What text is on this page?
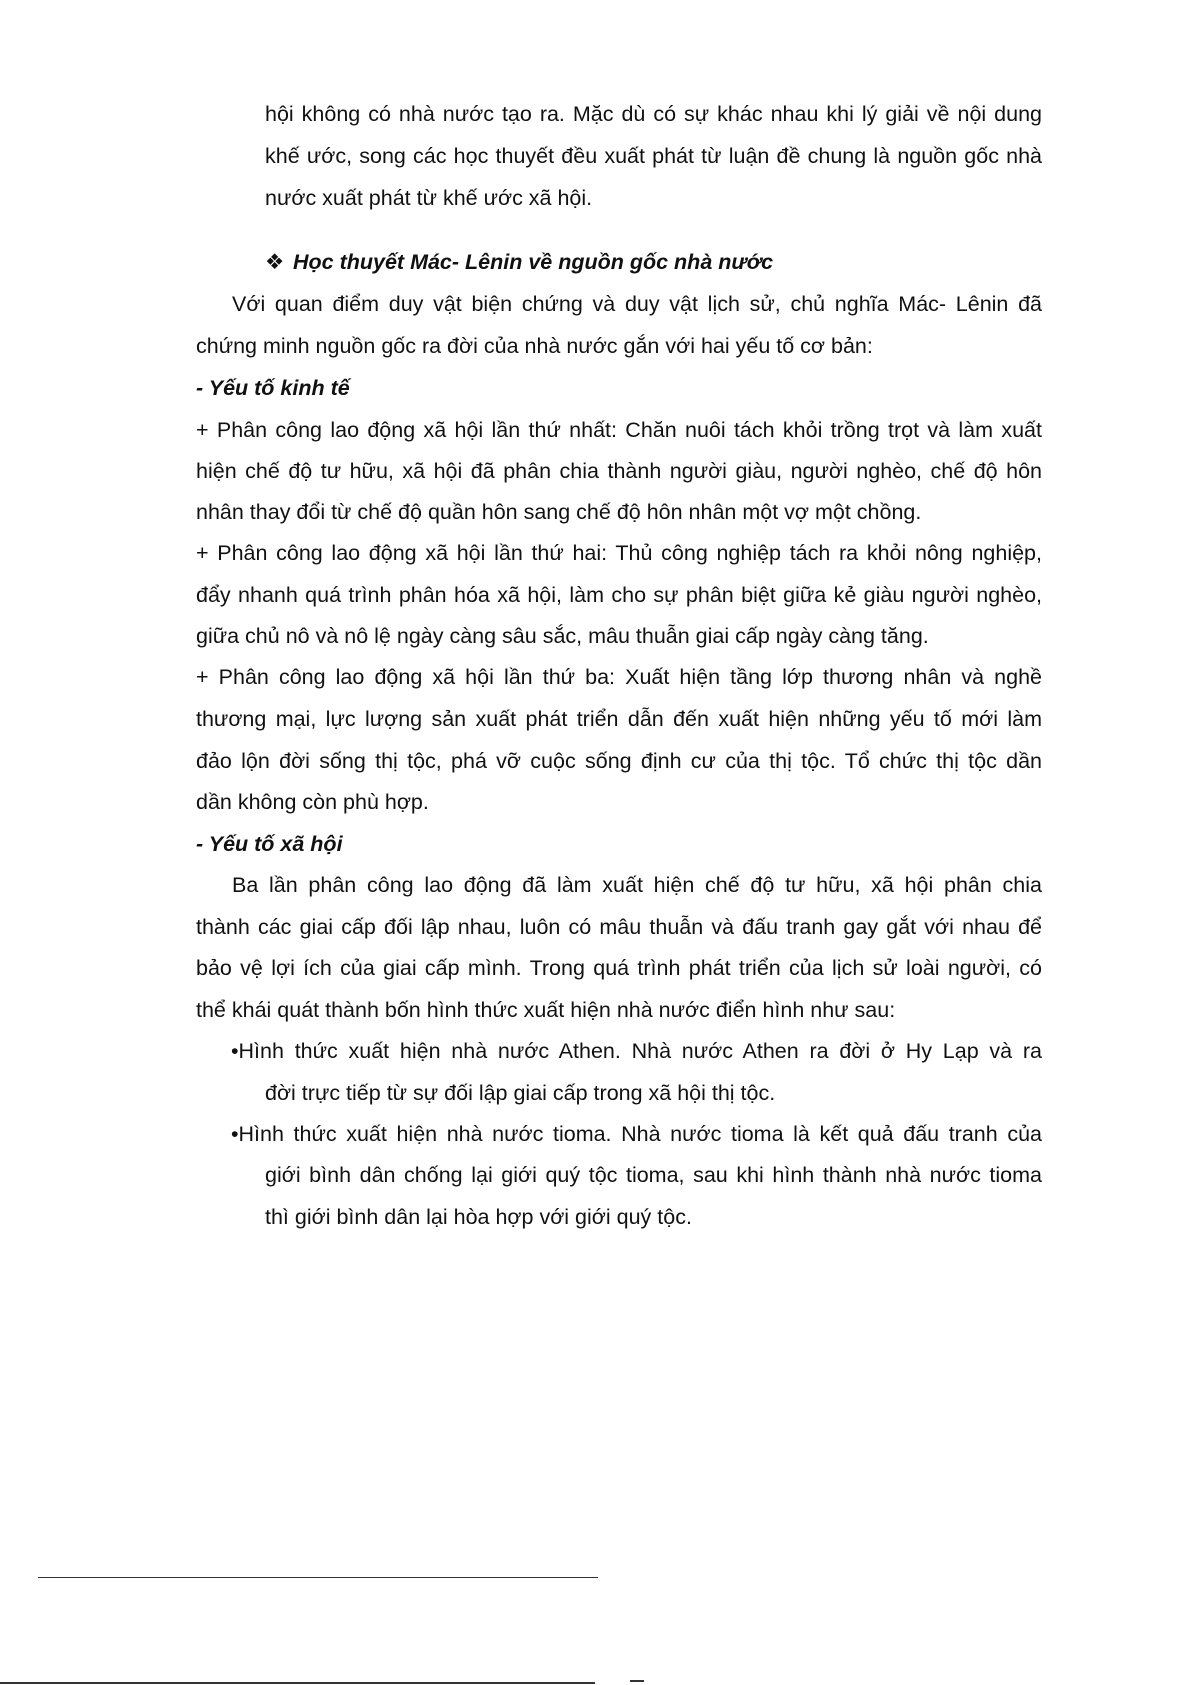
hội không có nhà nước tạo ra. Mặc dù có sự khác nhau khi lý giải về nội dung
khế ước, song các học thuyết đều xuất phát từ luận đề chung là nguồn gốc nhà
nước xuất phát từ khế ước xã hội.
❖ Học thuyết Mác- Lênin về nguồn gốc nhà nước
Với quan điểm duy vật biện chứng và duy vật lịch sử, chủ nghĩa Mác- Lênin đã
chứng minh nguồn gốc ra đời của nhà nước gắn với hai yếu tố cơ bản:
- Yếu tố kinh tế
+ Phân công lao động xã hội lần thứ nhất: Chăn nuôi tách khỏi trồng trọt và làm xuất
hiện chế độ tư hữu, xã hội đã phân chia thành người giàu, người nghèo, chế độ hôn
nhân thay đổi từ chế độ quần hôn sang chế độ hôn nhân một vợ một chồng.
+ Phân công lao động xã hội lần thứ hai: Thủ công nghiệp tách ra khỏi nông nghiệp,
đẩy nhanh quá trình phân hóa xã hội, làm cho sự phân biệt giữa kẻ giàu người nghèo,
giữa chủ nô và nô lệ ngày càng sâu sắc, mâu thuẫn giai cấp ngày càng tăng.
+ Phân công lao động xã hội lần thứ ba: Xuất hiện tầng lớp thương nhân và nghề
thương mại, lực lượng sản xuất phát triển dẫn đến xuất hiện những yếu tố mới làm
đảo lộn đời sống thị tộc, phá vỡ cuộc sống định cư của thị tộc. Tổ chức thị tộc dần
dần không còn phù hợp.
- Yếu tố xã hội
Ba lần phân công lao động đã làm xuất hiện chế độ tư hữu, xã hội phân chia
thành các giai cấp đối lập nhau, luôn có mâu thuẫn và đấu tranh gay gắt với nhau để
bảo vệ lợi ích của giai cấp mình. Trong quá trình phát triển của lịch sử loài người, có
thể khái quát thành bốn hình thức xuất hiện nhà nước điển hình như sau:
•Hình thức xuất hiện nhà nước Athen. Nhà nước Athen ra đời ở Hy Lạp và ra
đời trực tiếp từ sự đối lập giai cấp trong xã hội thị tộc.
•Hình thức xuất hiện nhà nước tioma. Nhà nước tioma là kết quả đấu tranh của
giới bình dân chống lại giới quý tộc tioma, sau khi hình thành nhà nước tioma
thì giới bình dân lại hòa hợp với giới quý tộc.
